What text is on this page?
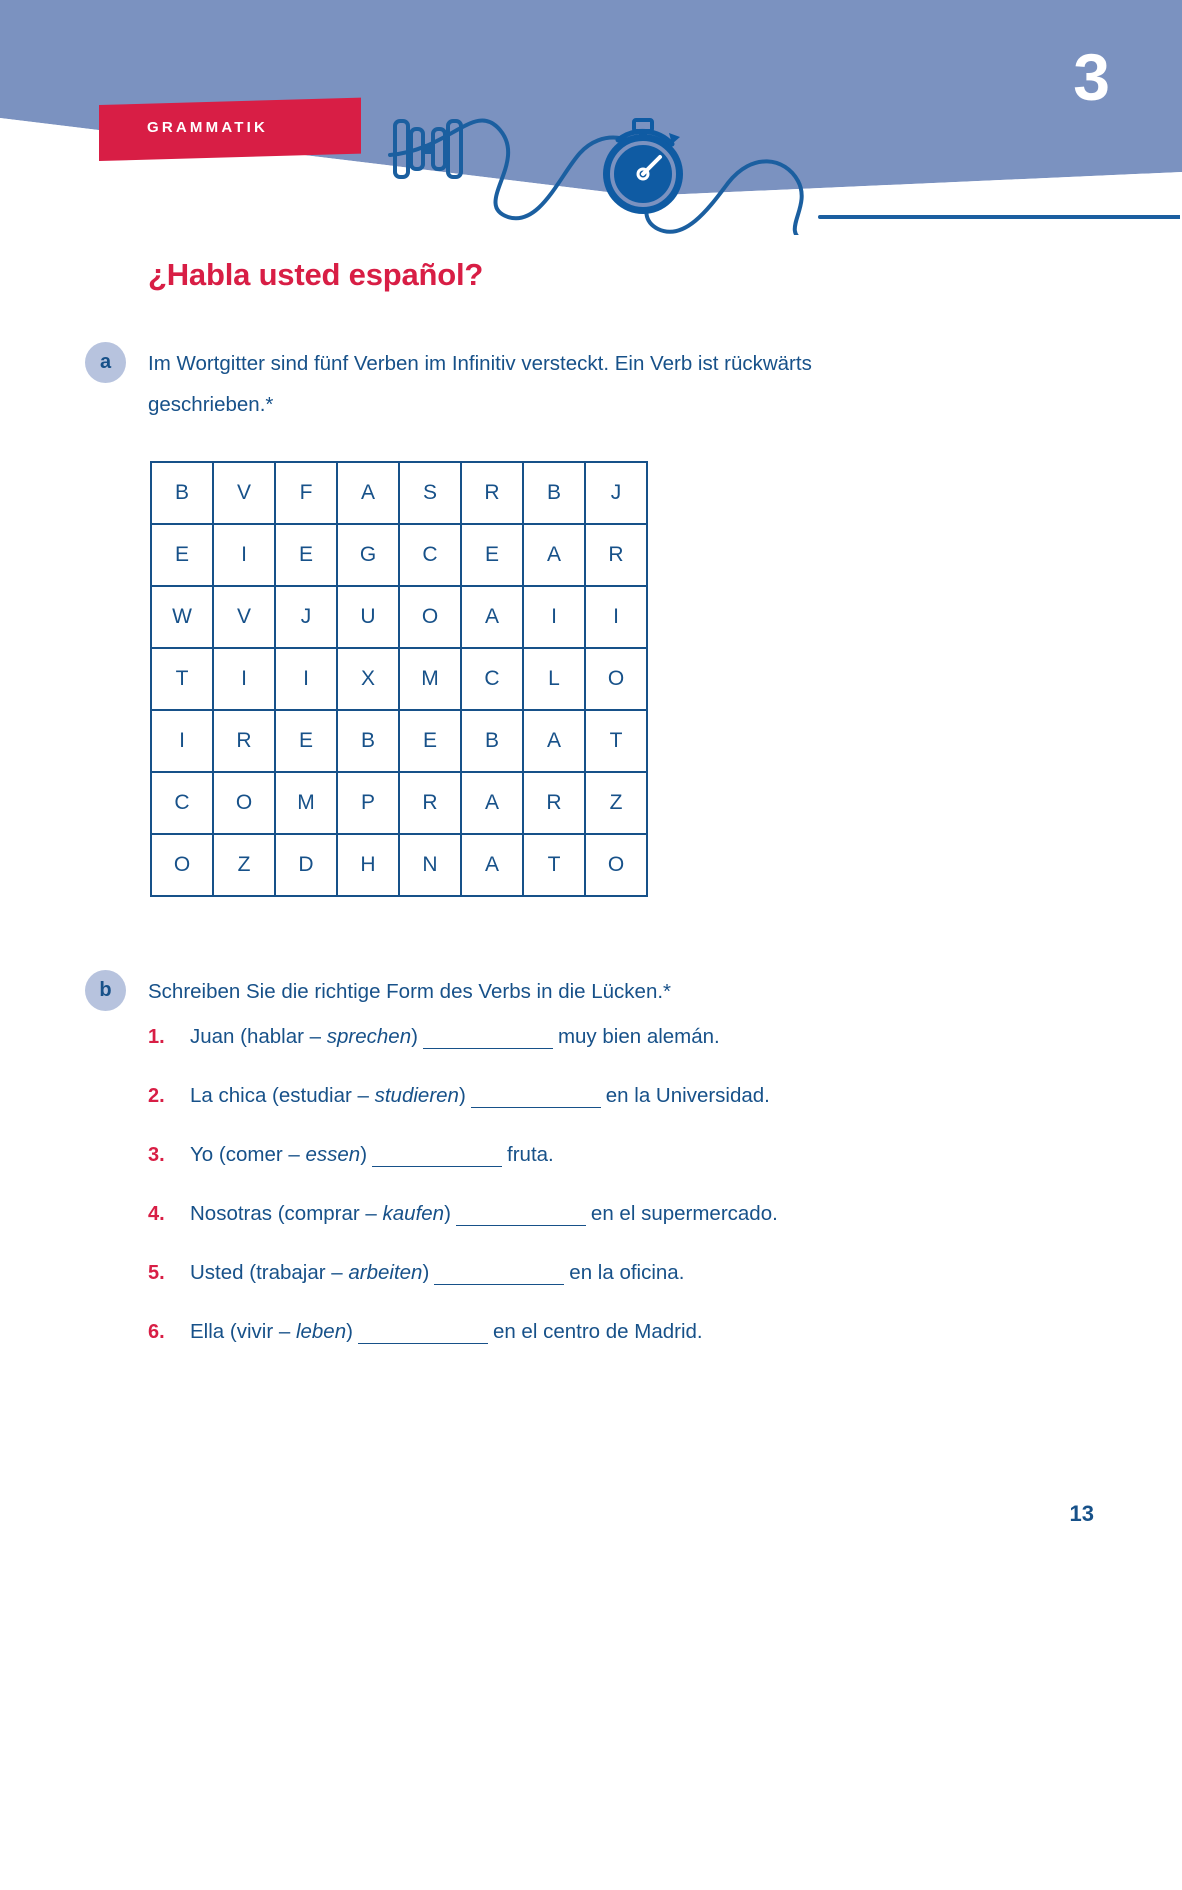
GRAMMATIK
3
¿Habla usted español?
a	Im Wortgitter sind fünf Verben im Infinitiv versteckt. Ein Verb ist rückwärts geschrieben.*
B	V	F	A	S	R	B	J
E	I	E	G	C	E	A	R
W	V	J	U	O	A	I	I
T	I	I	X	M	C	L	O
I	R	E	B	E	B	A	T
C	O	M	P	R	A	R	Z
O	Z	D	H	N	A	T	O
b	Schreiben Sie die richtige Form des Verbs in die Lücken.*
1. Juan (hablar – sprechen)	muy bien alemán.
2. La chica (estudiar – studieren)	en la Universidad.
3. Yo (comer – essen)	fruta.
4. Nosotras (comprar – kaufen)	en el supermercado.
5. Usted (trabajar – arbeiten)	en la oficina.
6. Ella (vivir – leben)	en el centro de Madrid.
13
